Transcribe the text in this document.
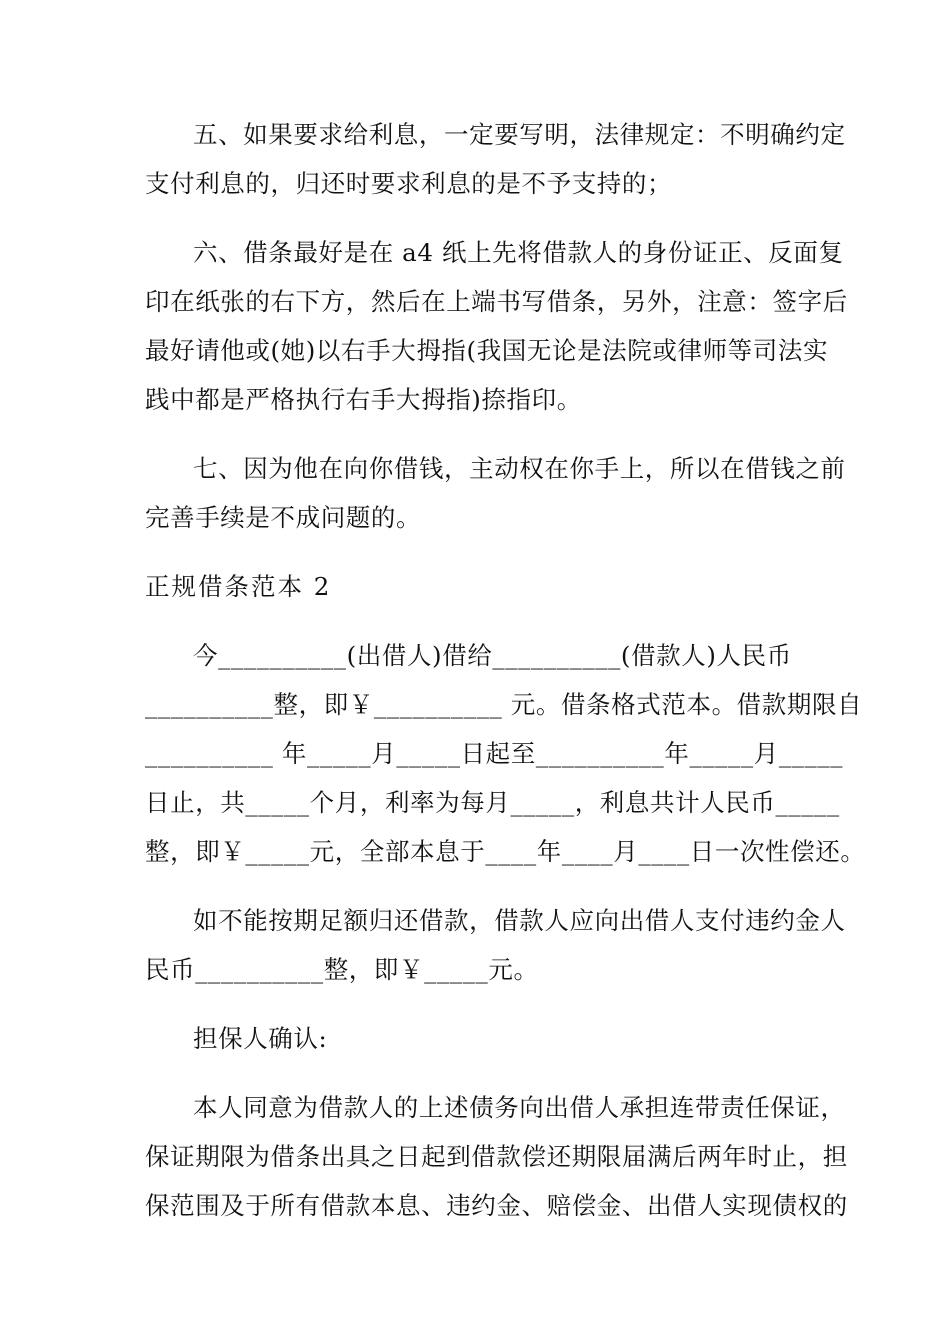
五、如果要求给利息，一定要写明，法律规定：不明确约定
支付利息的，归还时要求利息的是不予支持的；
六、借条最好是在 a4 纸上先将借款人的身份证正、反面复
印在纸张的右下方，然后在上端书写借条，另外，注意：签字后
最好请他或(她)以右手大拇指(我国无论是法院或律师等司法实
践中都是严格执行右手大拇指)捺指印。
七、因为他在向你借钱，主动权在你手上，所以在借钱之前
完善手续是不成问题的。
正规借条范本 2
今__________(出借人)借给__________(借款人)人民币
__________整，即￥__________ 元。借条格式范本。借款期限自
__________ 年_____月_____日起至__________年_____月_____
日止，共_____个月，利率为每月_____，利息共计人民币_____
整，即￥_____元，全部本息于____年____月____日一次性偿还。
如不能按期足额归还借款，借款人应向出借人支付违约金人
民币__________整，即￥_____元。
担保人确认:
本人同意为借款人的上述债务向出借人承担连带责任保证，
保证期限为借条出具之日起到借款偿还期限届满后两年时止，担
保范围及于所有借款本息、违约金、赔偿金、出借人实现债权的
